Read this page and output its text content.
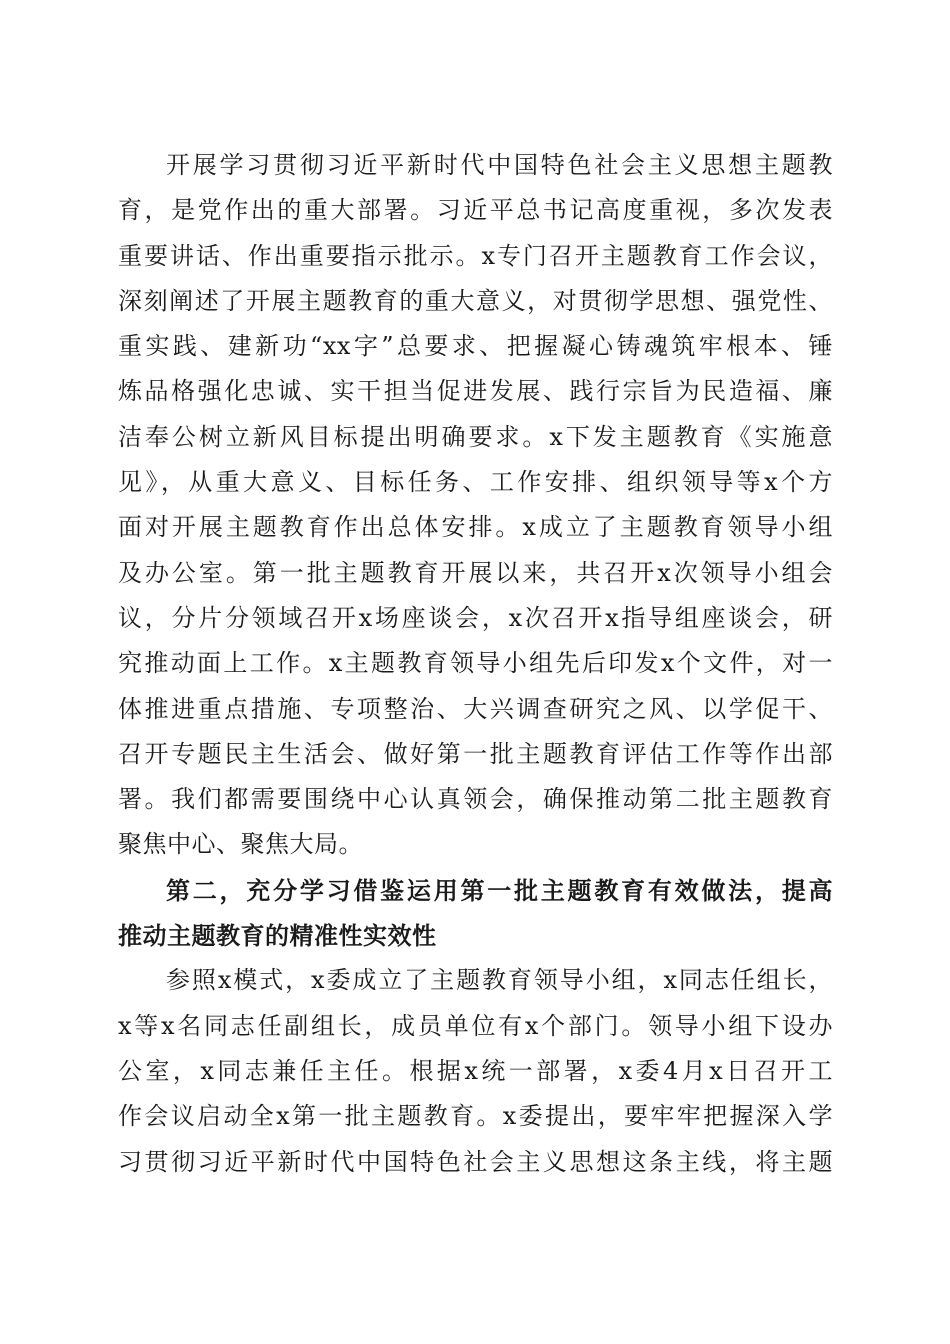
开展学习贯彻习近平新时代中国特色社会主义思想主题教
育，是党作出的重大部署。习近平总书记高度重视，多次发表
重要讲话、作出重要指示批示。x专门召开主题教育工作会议，
深刻阐述了开展主题教育的重大意义，对贯彻学思想、强党性、
重实践、建新功“xx字”总要求、把握凝心铸魂筑牢根本、锤
炼品格强化忠诚、实干担当促进发展、践行宗旨为民造福、廉
洁奉公树立新风目标提出明确要求。x下发主题教育《实施意
见》，从重大意义、目标任务、工作安排、组织领导等x个方
面对开展主题教育作出总体安排。x成立了主题教育领导小组
及办公室。第一批主题教育开展以来，共召开x次领导小组会
议，分片分领域召开x场座谈会，x次召开x指导组座谈会，研
究推动面上工作。x主题教育领导小组先后印发x个文件，对一
体推进重点措施、专项整治、大兴调查研究之风、以学促干、
召开专题民主生活会、做好第一批主题教育评估工作等作出部
署。我们都需要围绕中心认真领会，确保推动第二批主题教育
聚焦中心、聚焦大局。
第二，充分学习借鉴运用第一批主题教育有效做法，提高
推动主题教育的精准性实效性
参照x模式，x委成立了主题教育领导小组，x同志任组长，
x等x名同志任副组长，成员单位有x个部门。领导小组下设办
公室，x同志兼任主任。根据x统一部署，x委4月x日召开工
作会议启动全x第一批主题教育。x委提出，要牢牢把握深入学
习贯彻习近平新时代中国特色社会主义思想这条主线，将主题
